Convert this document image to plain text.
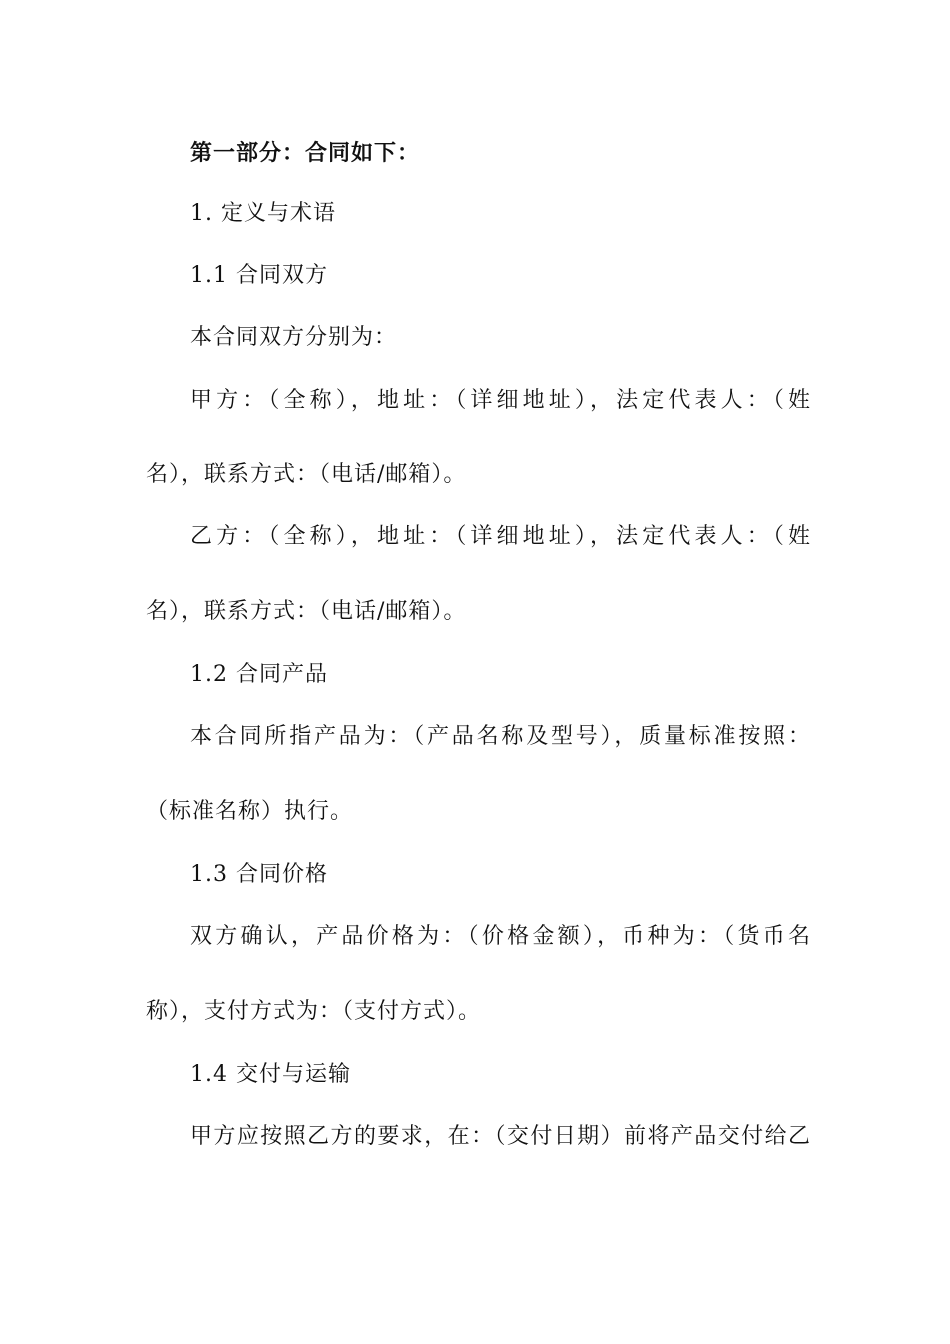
第一部分：合同如下：
1. 定义与术语
1.1 合同双方
本合同双方分别为：
甲方：（全称），地址：（详细地址），法定代表人：（姓
名），联系方式：（电话/邮箱）。
乙方：（全称），地址：（详细地址），法定代表人：（姓
名），联系方式：（电话/邮箱）。
1.2 合同产品
本合同所指产品为：（产品名称及型号），质量标准按照：
（标准名称）执行。
1.3 合同价格
双方确认，产品价格为：（价格金额），币种为：（货币名
称），支付方式为：（支付方式）。
1.4 交付与运输
甲方应按照乙方的要求，在：（交付日期）前将产品交付给乙
